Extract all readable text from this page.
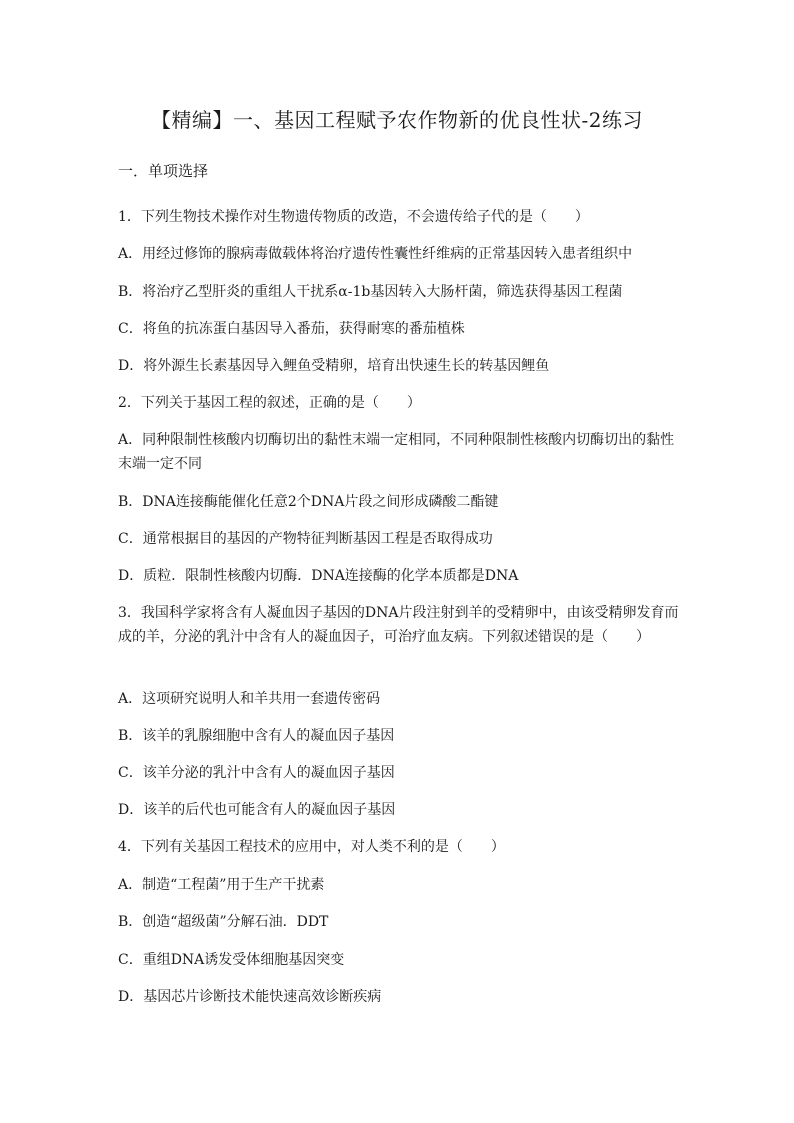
【精编】一、基因工程赋予农作物新的优良性状-2练习
一．单项选择
1．下列生物技术操作对生物遗传物质的改造，不会遗传给子代的是（　　）
A．用经过修饰的腺病毒做载体将治疗遗传性囊性纤维病的正常基因转入患者组织中
B．将治疗乙型肝炎的重组人干扰系α-1b基因转入大肠杆菌，筛选获得基因工程菌
C．将鱼的抗冻蛋白基因导入番茄，获得耐寒的番茄植株
D．将外源生长素基因导入鲤鱼受精卵，培育出快速生长的转基因鲤鱼
2．下列关于基因工程的叙述，正确的是（　　）
A．同种限制性核酸内切酶切出的黏性末端一定相同，不同种限制性核酸内切酶切出的黏性末端一定不同
B．DNA连接酶能催化任意2个DNA片段之间形成磷酸二酯键
C．通常根据目的基因的产物特征判断基因工程是否取得成功
D．质粒．限制性核酸内切酶．DNA连接酶的化学本质都是DNA
3．我国科学家将含有人凝血因子基因的DNA片段注射到羊的受精卵中，由该受精卵发育而成的羊，分泌的乳汁中含有人的凝血因子，可治疗血友病。下列叙述错误的是（　　）
A．这项研究说明人和羊共用一套遗传密码
B．该羊的乳腺细胞中含有人的凝血因子基因
C．该羊分泌的乳汁中含有人的凝血因子基因
D．该羊的后代也可能含有人的凝血因子基因
4．下列有关基因工程技术的应用中，对人类不利的是（　　）
A．制造“工程菌”用于生产干扰素
B．创造“超级菌”分解石油．DDT
C．重组DNA诱发受体细胞基因突变
D．基因芯片诊断技术能快速高效诊断疾病
